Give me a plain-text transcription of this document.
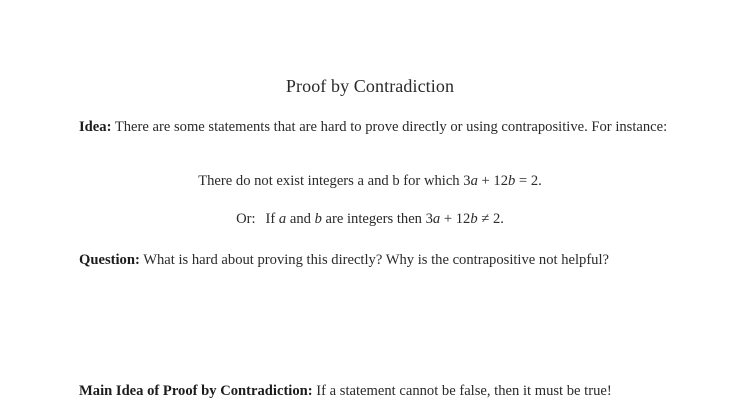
Proof by Contradiction
Idea: There are some statements that are hard to prove directly or using contrapositive. For instance:
There do not exist integers a and b for which 3a + 12b = 2.
Or: If a and b are integers then 3a + 12b ≠ 2.
Question: What is hard about proving this directly? Why is the contrapositive not helpful?
Main Idea of Proof by Contradiction: If a statement cannot be false, then it must be true!
